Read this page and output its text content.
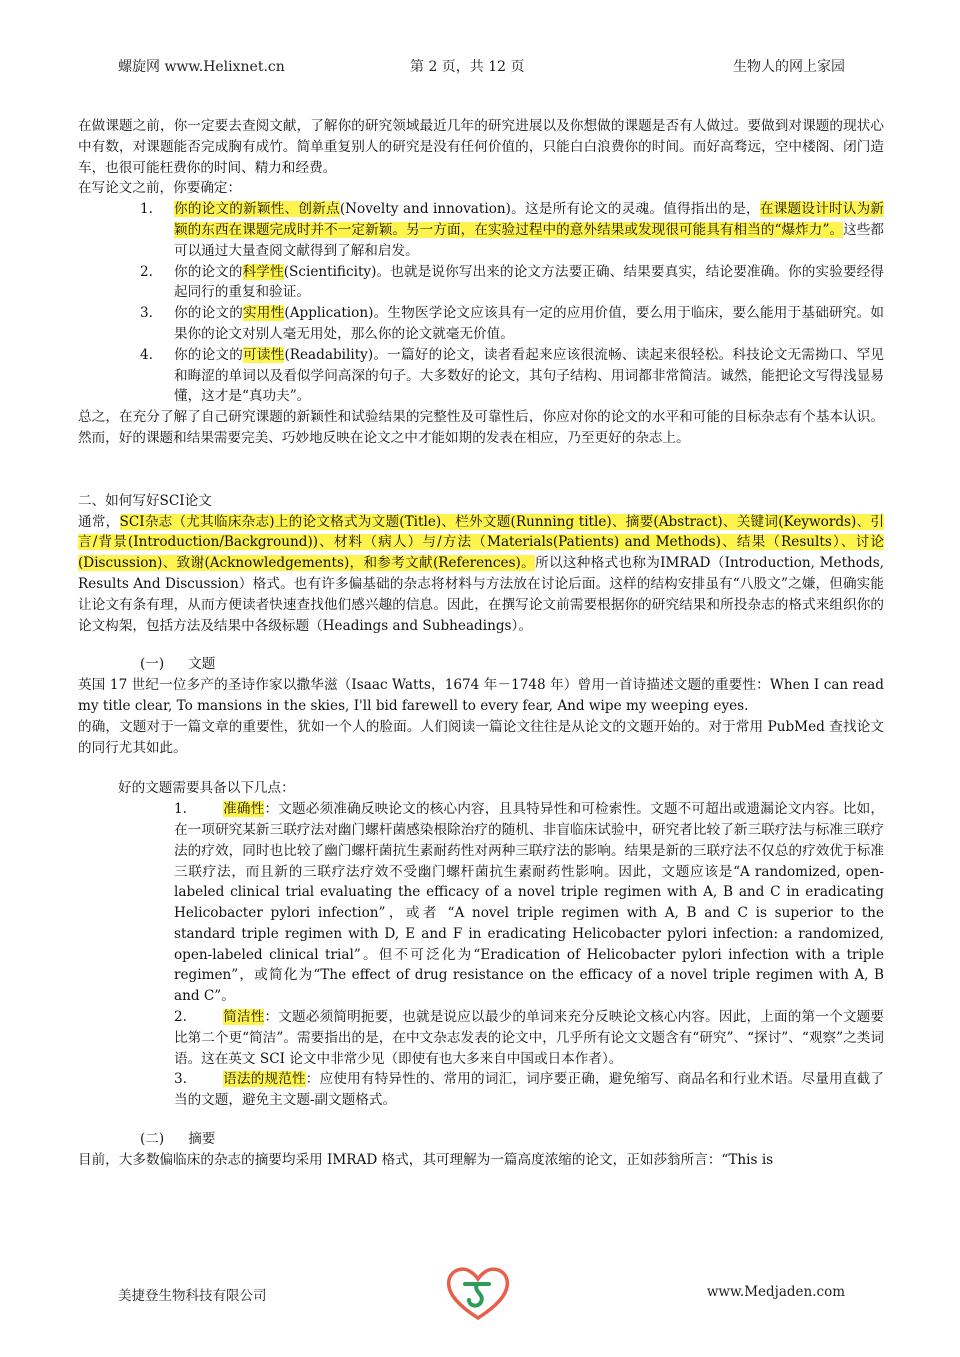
螺旋网 www.Helixnet.cn	第 2 页，共 12 页	生物人的网上家园

在做课题之前，你一定要去查阅文献，了解你的研究领域最近几年的研究进展以及你想做的课题是否有人做过。要做到对课题的现状心中有数，对课题能否完成胸有成竹。简单重复别人的研究是没有任何价值的，只能白白浪费你的时间。而好高骛远，空中楼阁、闭门造车，也很可能枉费你的时间、精力和经费。

在写论文之前，你要确定：

1. 你的论文的新颖性、创新点(Novelty and innovation)。这是所有论文的灵魂。值得指出的是，在课题设计时认为新颖的东西在课题完成时并不一定新颖。另一方面，在实验过程中的意外结果或发现很可能具有相当的“爆炸力”。这些都可以通过大量查阅文献得到了解和启发。
2. 你的论文的科学性(Scientificity)。也就是说你写出来的论文方法要正确、结果要真实，结论要准确。你的实验要经得起同行的重复和验证。
3. 你的论文的实用性(Application)。生物医学论文应该具有一定的应用价值，要么用于临床，要么能用于基础研究。如果你的论文对别人毫无用处，那么你的论文就毫无价值。
4. 你的论文的可读性(Readability)。一篇好的论文，读者看起来应该很流畅、读起来很轻松。科技论文无需拗口、罕见和晦涩的单词以及看似学问高深的句子。大多数好的论文，其句子结构、用词都非常简洁。诚然，能把论文写得浅显易懂，这才是“真功夫”。

总之，在充分了解了自己研究课题的新颖性和试验结果的完整性及可靠性后，你应对你的论文的水平和可能的目标杂志有个基本认识。然而，好的课题和结果需要完美、巧妙地反映在论文之中才能如期的发表在相应，乃至更好的杂志上。

二、如何写好SCI论文

通常，SCI杂志（尤其临床杂志)上的论文格式为文题(Title)、栏外文题(Running title)、摘要(Abstract)、关键词(Keywords)、引言/背景(Introduction/Background))、材料（病人）与/方法（Materials(Patients) and Methods)、结果（Results）、讨论(Discussion)、致谢(Acknowledgements)，和参考文献(References)。所以这种格式也称为IMRAD（Introduction, Methods, Results And Discussion）格式。也有许多偏基础的杂志将材料与方法放在讨论后面。这样的结构安排虽有“八股文”之嫌，但确实能让论文有条有理，从而方便读者快速查找他们感兴趣的信息。因此，在撰写论文前需要根据你的研究结果和所投杂志的格式来组织你的论文构架，包括方法及结果中各级标题（Headings and Subheadings）。

(一) 文题

英国 17 世纪一位多产的圣诗作家以撒华滋（Isaac Watts，1674 年－1748 年）曾用一首诗描述文题的重要性：When I can read my title clear, To mansions in the skies, I'll bid farewell to every fear, And wipe my weeping eyes.

的确，文题对于一篇文章的重要性，犹如一个人的脸面。人们阅读一篇论文往往是从论文的文题开始的。对于常用 PubMed 查找论文的同行尤其如此。

好的文题需要具备以下几点：

1.	准确性：文题必须准确反映论文的核心内容，且具特异性和可检索性。文题不可超出或遗漏论文内容。比如，在一项研究某新三联疗法对幽门螺杆菌感染根除治疗的随机、非盲临床试验中，研究者比较了新三联疗法与标准三联疗法的疗效，同时也比较了幽门螺杆菌抗生素耐药性对两种三联疗法的影响。结果是新的三联疗法不仅总的疗效优于标准三联疗法，而且新的三联疗法疗效不受幽门螺杆菌抗生素耐药性影响。因此，文题应该是“A randomized, open-labeled clinical trial evaluating the efficacy of a novel triple regimen with A, B and C in eradicating Helicobacter pylori infection”，或者 “A novel triple regimen with A, B and C is superior to the standard triple regimen with D, E and F in eradicating Helicobacter pylori infection: a randomized, open-labeled clinical trial”。但不可泛化为“Eradication of Helicobacter pylori infection with a triple regimen”，或简化为“The effect of drug resistance on the efficacy of a novel triple regimen with A, B and C”。
2.	简洁性：文题必须简明扼要，也就是说应以最少的单词来充分反映论文核心内容。因此，上面的第一个文题要比第二个更“简洁”。需要指出的是，在中文杂志发表的论文中，几乎所有论文文题含有“研究”、“探讨”、“观察”之类词语。这在英文 SCI 论文中非常少见（即使有也大多来自中国或日本作者）。
3.	语法的规范性：应使用有特异性的、常用的词汇，词序要正确，避免缩写、商品名和行业术语。尽量用直截了当的文题，避免主文题-副文题格式。

(二) 摘要

目前，大多数偏临床的杂志的摘要均采用 IMRAD 格式，其可理解为一篇高度浓缩的论文，正如莎翁所言：“This is

美捷登生物科技有限公司	www.Medjaden.com
